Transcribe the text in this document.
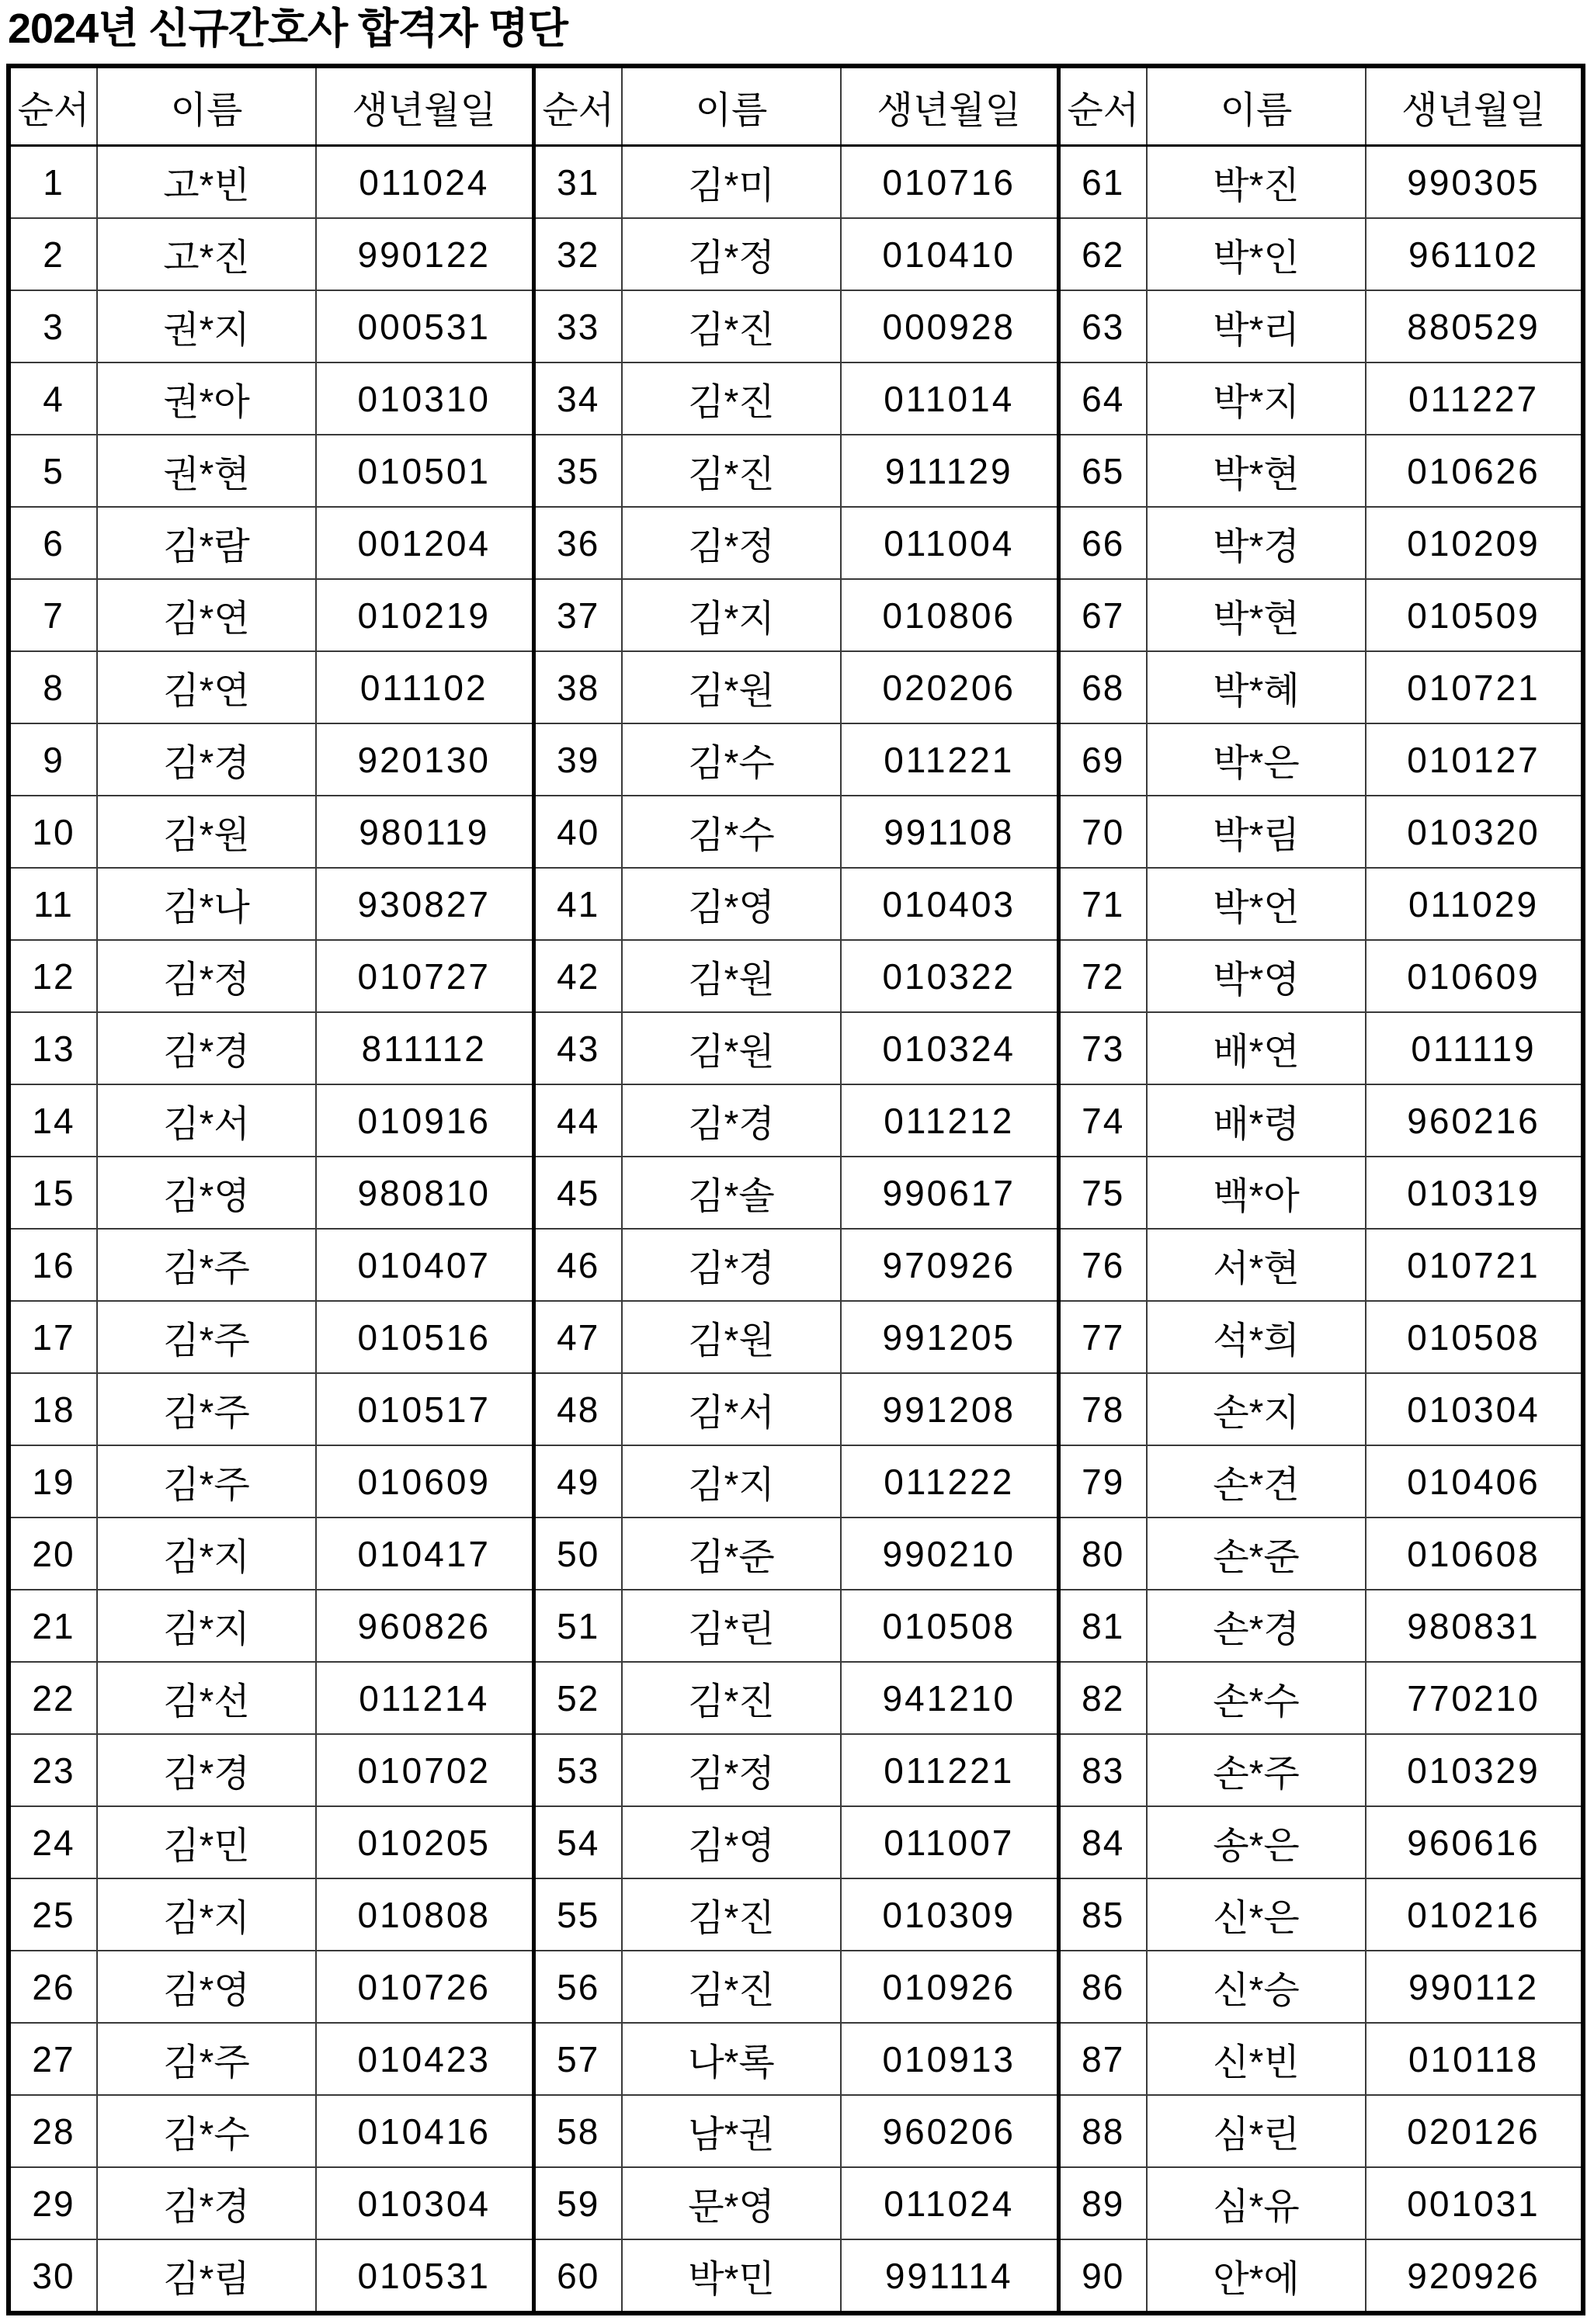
2024년 신규간호사 합격자 명단
순서	이름	생년월일	순서	이름	생년월일	순서	이름	생년월일
1	고*빈	011024	31	김*미	010716	61	박*진	990305
2	고*진	990122	32	김*정	010410	62	박*인	961102
3	권*지	000531	33	김*진	000928	63	박*리	880529
4	권*아	010310	34	김*진	011014	64	박*지	011227
5	권*현	010501	35	김*진	911129	65	박*현	010626
6	김*람	001204	36	김*정	011004	66	박*경	010209
7	김*연	010219	37	김*지	010806	67	박*현	010509
8	김*연	011102	38	김*원	020206	68	박*혜	010721
9	김*경	920130	39	김*수	011221	69	박*은	010127
10	김*원	980119	40	김*수	991108	70	박*림	010320
11	김*나	930827	41	김*영	010403	71	박*언	011029
12	김*정	010727	42	김*원	010322	72	박*영	010609
13	김*경	811112	43	김*원	010324	73	배*연	011119
14	김*서	010916	44	김*경	011212	74	배*령	960216
15	김*영	980810	45	김*솔	990617	75	백*아	010319
16	김*주	010407	46	김*경	970926	76	서*현	010721
17	김*주	010516	47	김*원	991205	77	석*희	010508
18	김*주	010517	48	김*서	991208	78	손*지	010304
19	김*주	010609	49	김*지	011222	79	손*견	010406
20	김*지	010417	50	김*준	990210	80	손*준	010608
21	김*지	960826	51	김*린	010508	81	손*경	980831
22	김*선	011214	52	김*진	941210	82	손*수	770210
23	김*경	010702	53	김*정	011221	83	손*주	010329
24	김*민	010205	54	김*영	011007	84	송*은	960616
25	김*지	010808	55	김*진	010309	85	신*은	010216
26	김*영	010726	56	김*진	010926	86	신*승	990112
27	김*주	010423	57	나*록	010913	87	신*빈	010118
28	김*수	010416	58	남*권	960206	88	심*린	020126
29	김*경	010304	59	문*영	011024	89	심*유	001031
30	김*림	010531	60	박*민	991114	90	안*에	920926
